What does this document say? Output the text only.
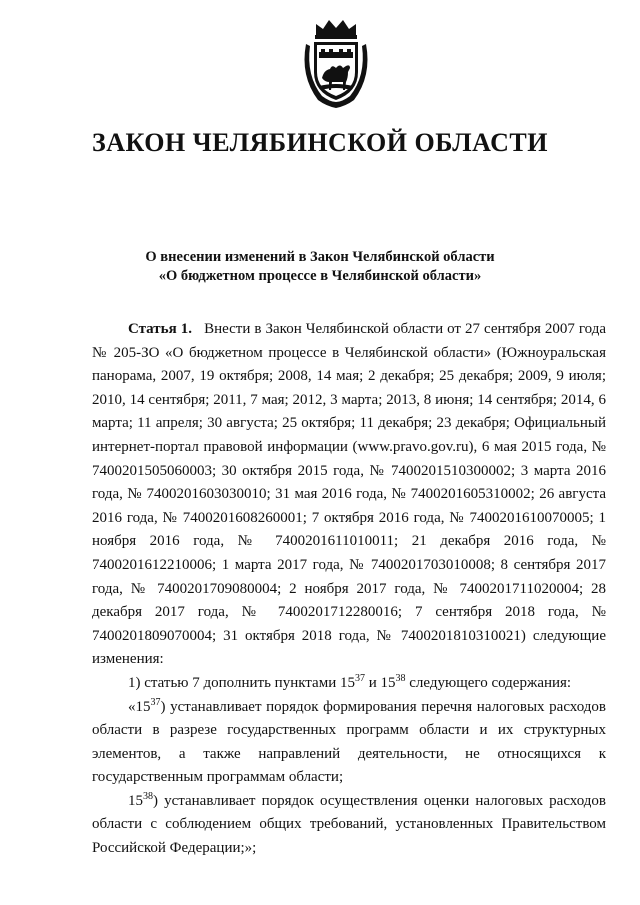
ЗАКОН ЧЕЛЯБИНСКОЙ ОБЛАСТИ
О внесении изменений в Закон Челябинской области
«О бюджетном процессе в Челябинской области»

Статья 1. Внести в Закон Челябинской области от 27 сентября 2007 года № 205-ЗО «О бюджетном процессе в Челябинской области» (Южноуральская панорама, 2007, 19 октября; 2008, 14 мая; 2 декабря; 25 декабря; 2009, 9 июля; 2010, 14 сентября; 2011, 7 мая; 2012, 3 марта; 2013, 8 июня; 14 сентября; 2014, 6 марта; 11 апреля; 30 августа; 25 октября; 11 декабря; 23 декабря; Официальный интернет-портал правовой информации (www.pravo.gov.ru), 6 мая 2015 года, № 7400201505060003; 30 октября 2015 года, № 7400201510300002; 3 марта 2016 года, № 7400201603030010; 31 мая 2016 года, № 7400201605310002; 26 августа 2016 года, № 7400201608260001; 7 октября 2016 года, № 7400201610070005; 1 ноября 2016 года, № 7400201611010011; 21 декабря 2016 года, № 7400201612210006; 1 марта 2017 года, № 7400201703010008; 8 сентября 2017 года, № 7400201709080004; 2 ноября 2017 года, № 7400201711020004; 28 декабря 2017 года, № 7400201712280016; 7 сентября 2018 года, № 7400201809070004; 31 октября 2018 года, № 7400201810310021) следующие изменения:

1) статью 7 дополнить пунктами $15^{37}$ и $15^{38}$ следующего содержания:

«$15^{37}$) устанавливает порядок формирования перечня налоговых расходов области в разрезе государственных программ области и их структурных элементов, а также направлений деятельности, не относящихся к государственным программам области;

$15^{38}$) устанавливает порядок осуществления оценки налоговых расходов области с соблюдением общих требований, установленных Правительством Российской Федерации;»;
